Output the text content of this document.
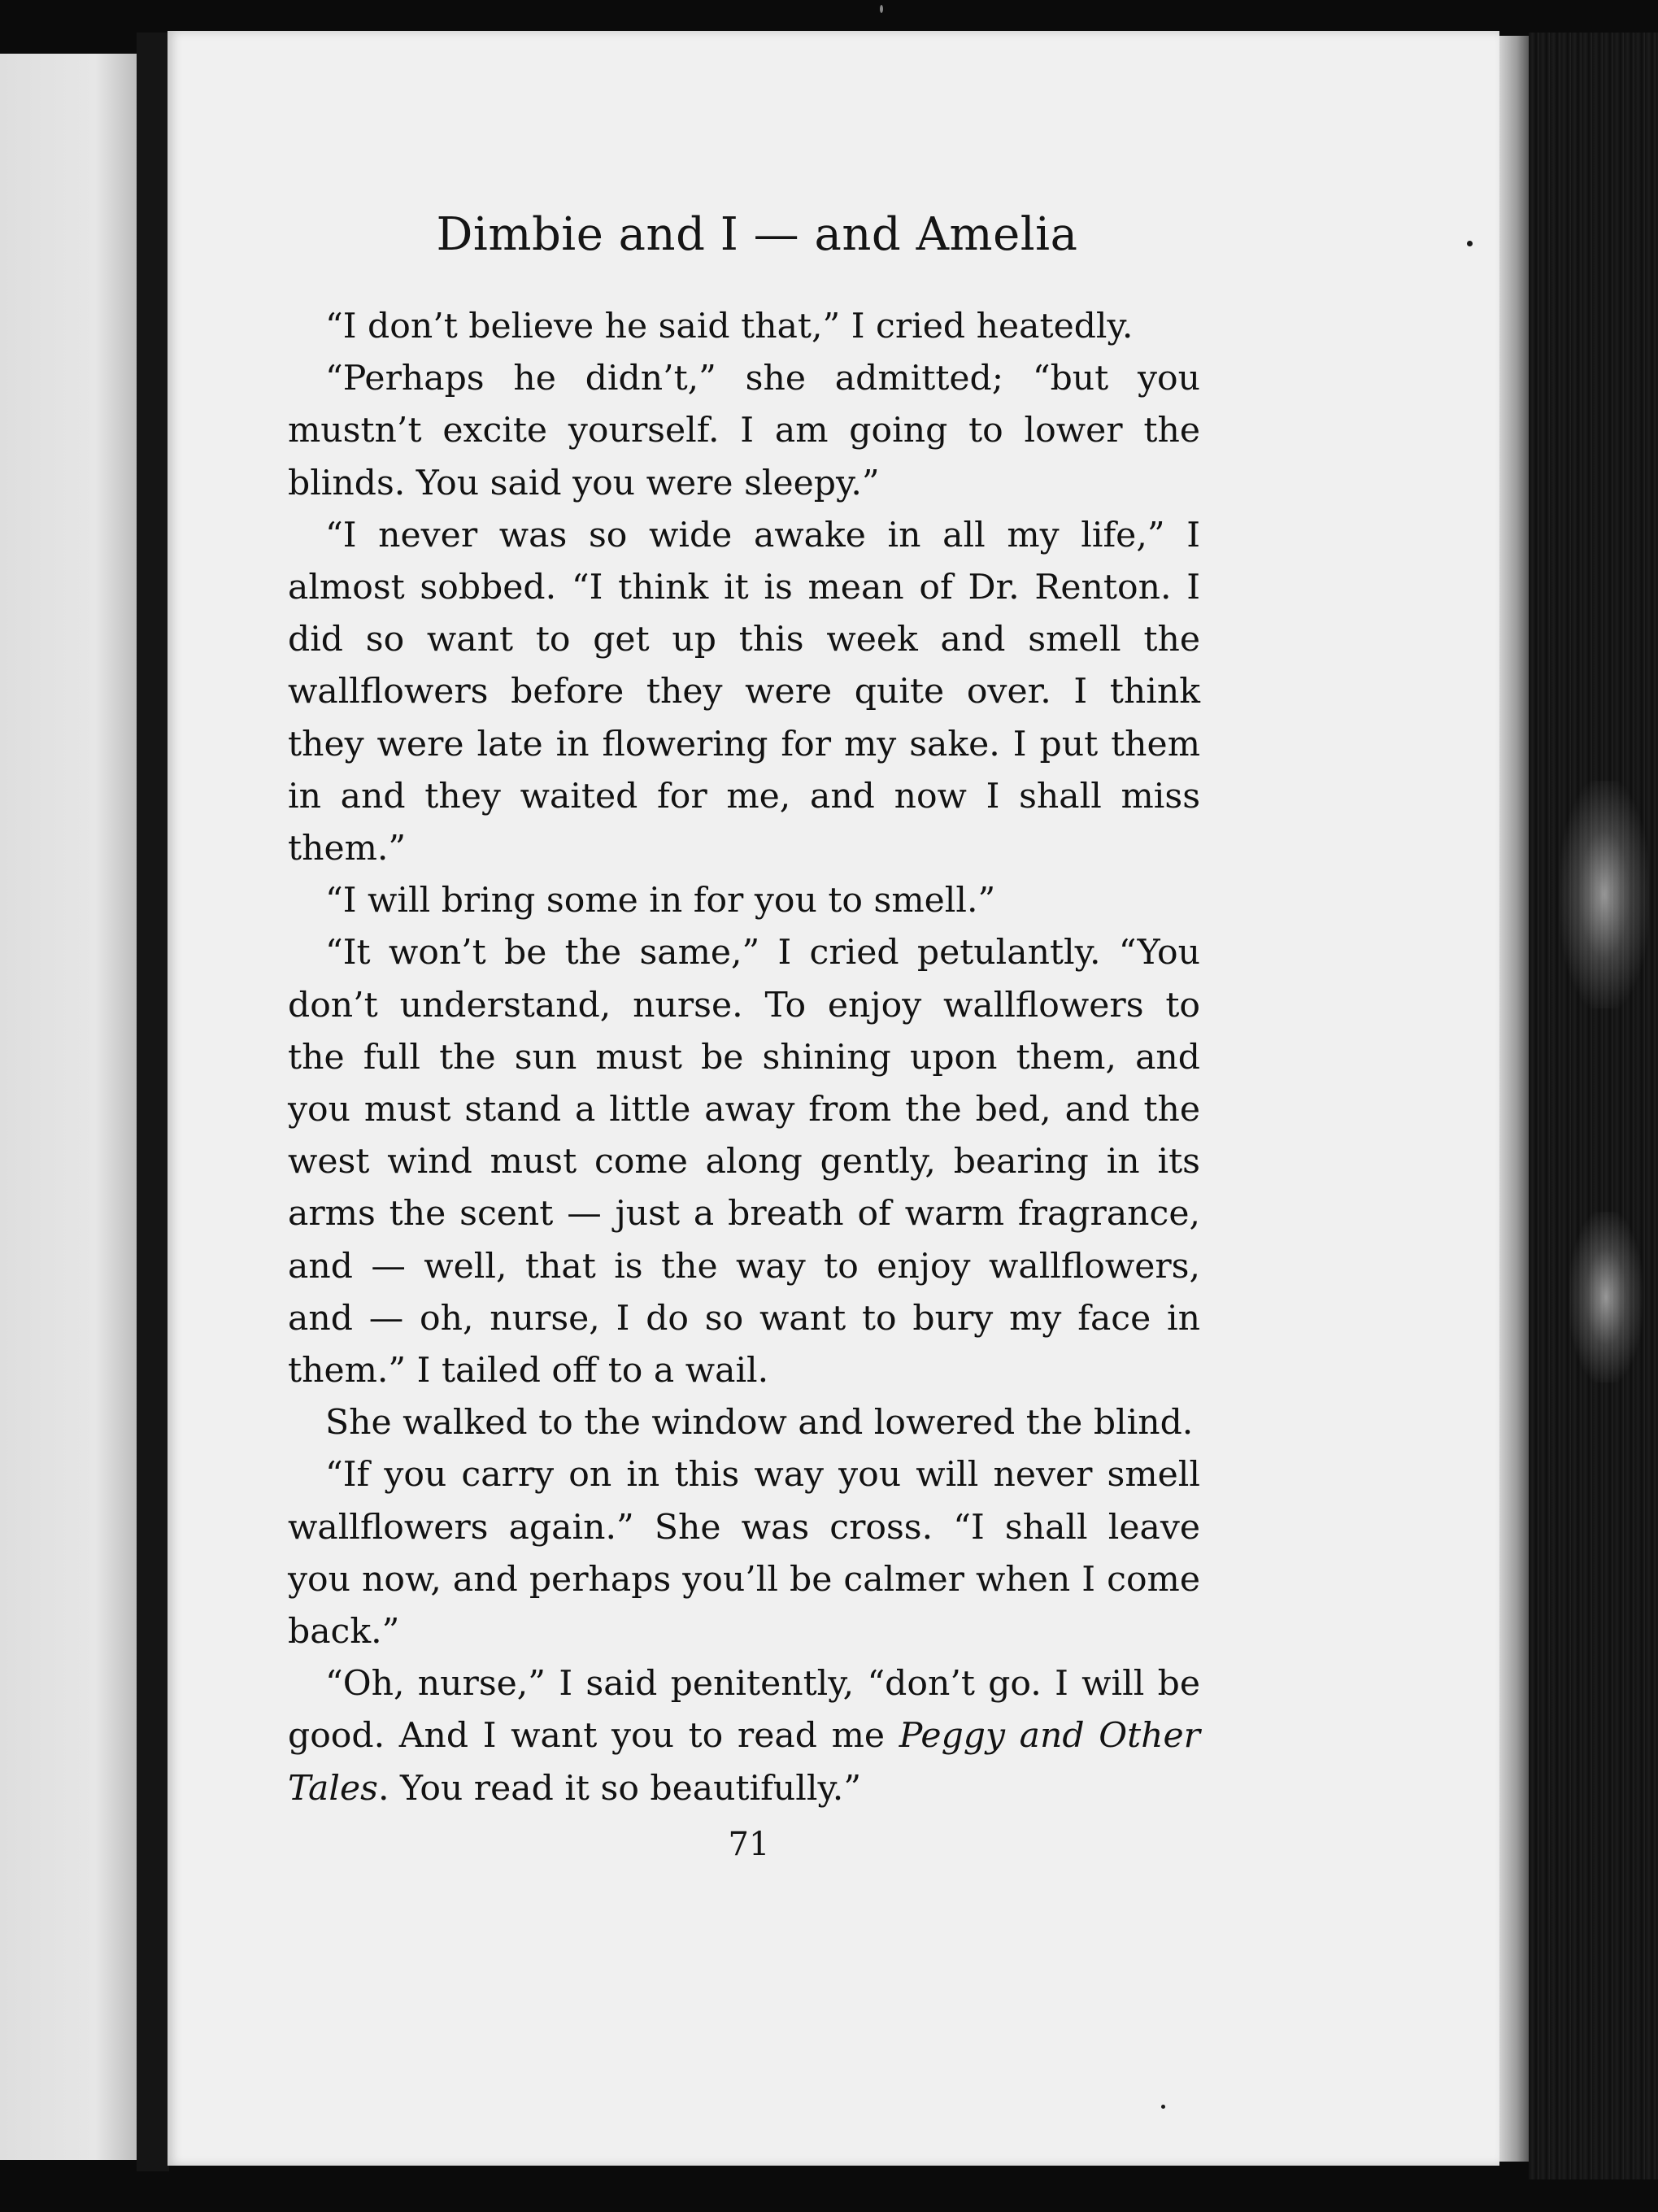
Dimbie and I — and Amelia

“I don’t believe he said that,” I cried heatedly.

“Perhaps he didn’t,” she admitted; “but you mustn’t excite yourself. I am going to lower the blinds. You said you were sleepy.”

“I never was so wide awake in all my life,” I almost sobbed. “I think it is mean of Dr. Renton. I did so want to get up this week and smell the wallflowers before they were quite over. I think they were late in flowering for my sake. I put them in and they waited for me, and now I shall miss them.”

“I will bring some in for you to smell.”

“It won’t be the same,” I cried petulantly. “You don’t understand, nurse. To enjoy wallflowers to the full the sun must be shining upon them, and you must stand a little away from the bed, and the west wind must come along gently, bearing in its arms the scent — just a breath of warm fragrance, and — well, that is the way to enjoy wallflowers, and — oh, nurse, I do so want to bury my face in them.” I tailed off to a wail.

She walked to the window and lowered the blind.

“If you carry on in this way you will never smell wallflowers again.” She was cross. “I shall leave you now, and perhaps you’ll be calmer when I come back.”

“Oh, nurse,” I said penitently, “don’t go. I will be good. And I want you to read me Peggy and Other Tales. You read it so beautifully.”

71
